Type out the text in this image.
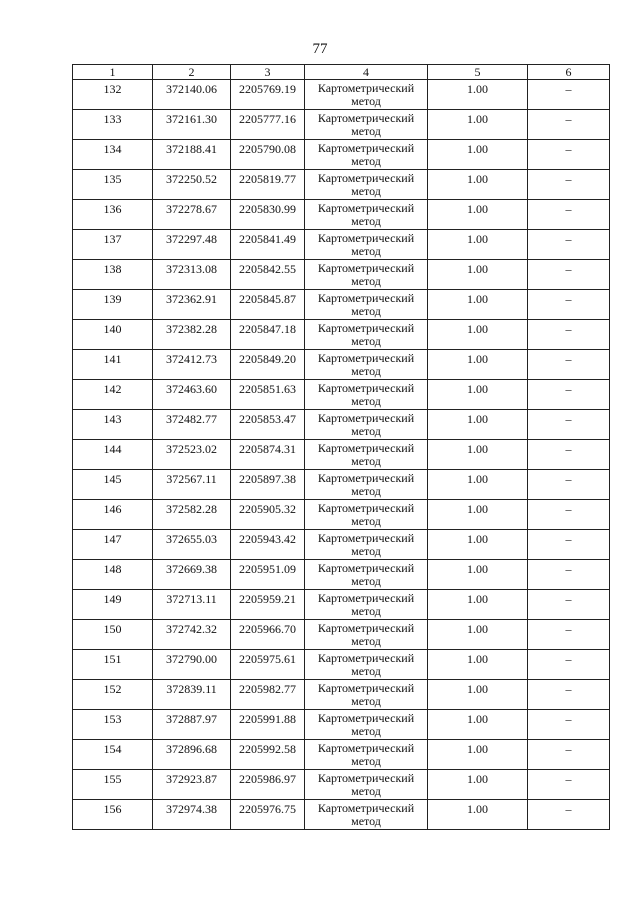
77
1	2	3	4	5	6
132	372140.06	2205769.19	Картометрический метод	1.00	–
133	372161.30	2205777.16	Картометрический метод	1.00	–
134	372188.41	2205790.08	Картометрический метод	1.00	–
135	372250.52	2205819.77	Картометрический метод	1.00	–
136	372278.67	2205830.99	Картометрический метод	1.00	–
137	372297.48	2205841.49	Картометрический метод	1.00	–
138	372313.08	2205842.55	Картометрический метод	1.00	–
139	372362.91	2205845.87	Картометрический метод	1.00	–
140	372382.28	2205847.18	Картометрический метод	1.00	–
141	372412.73	2205849.20	Картометрический метод	1.00	–
142	372463.60	2205851.63	Картометрический метод	1.00	–
143	372482.77	2205853.47	Картометрический метод	1.00	–
144	372523.02	2205874.31	Картометрический метод	1.00	–
145	372567.11	2205897.38	Картометрический метод	1.00	–
146	372582.28	2205905.32	Картометрический метод	1.00	–
147	372655.03	2205943.42	Картометрический метод	1.00	–
148	372669.38	2205951.09	Картометрический метод	1.00	–
149	372713.11	2205959.21	Картометрический метод	1.00	–
150	372742.32	2205966.70	Картометрический метод	1.00	–
151	372790.00	2205975.61	Картометрический метод	1.00	–
152	372839.11	2205982.77	Картометрический метод	1.00	–
153	372887.97	2205991.88	Картометрический метод	1.00	–
154	372896.68	2205992.58	Картометрический метод	1.00	–
155	372923.87	2205986.97	Картометрический метод	1.00	–
156	372974.38	2205976.75	Картометрический метод	1.00	–
